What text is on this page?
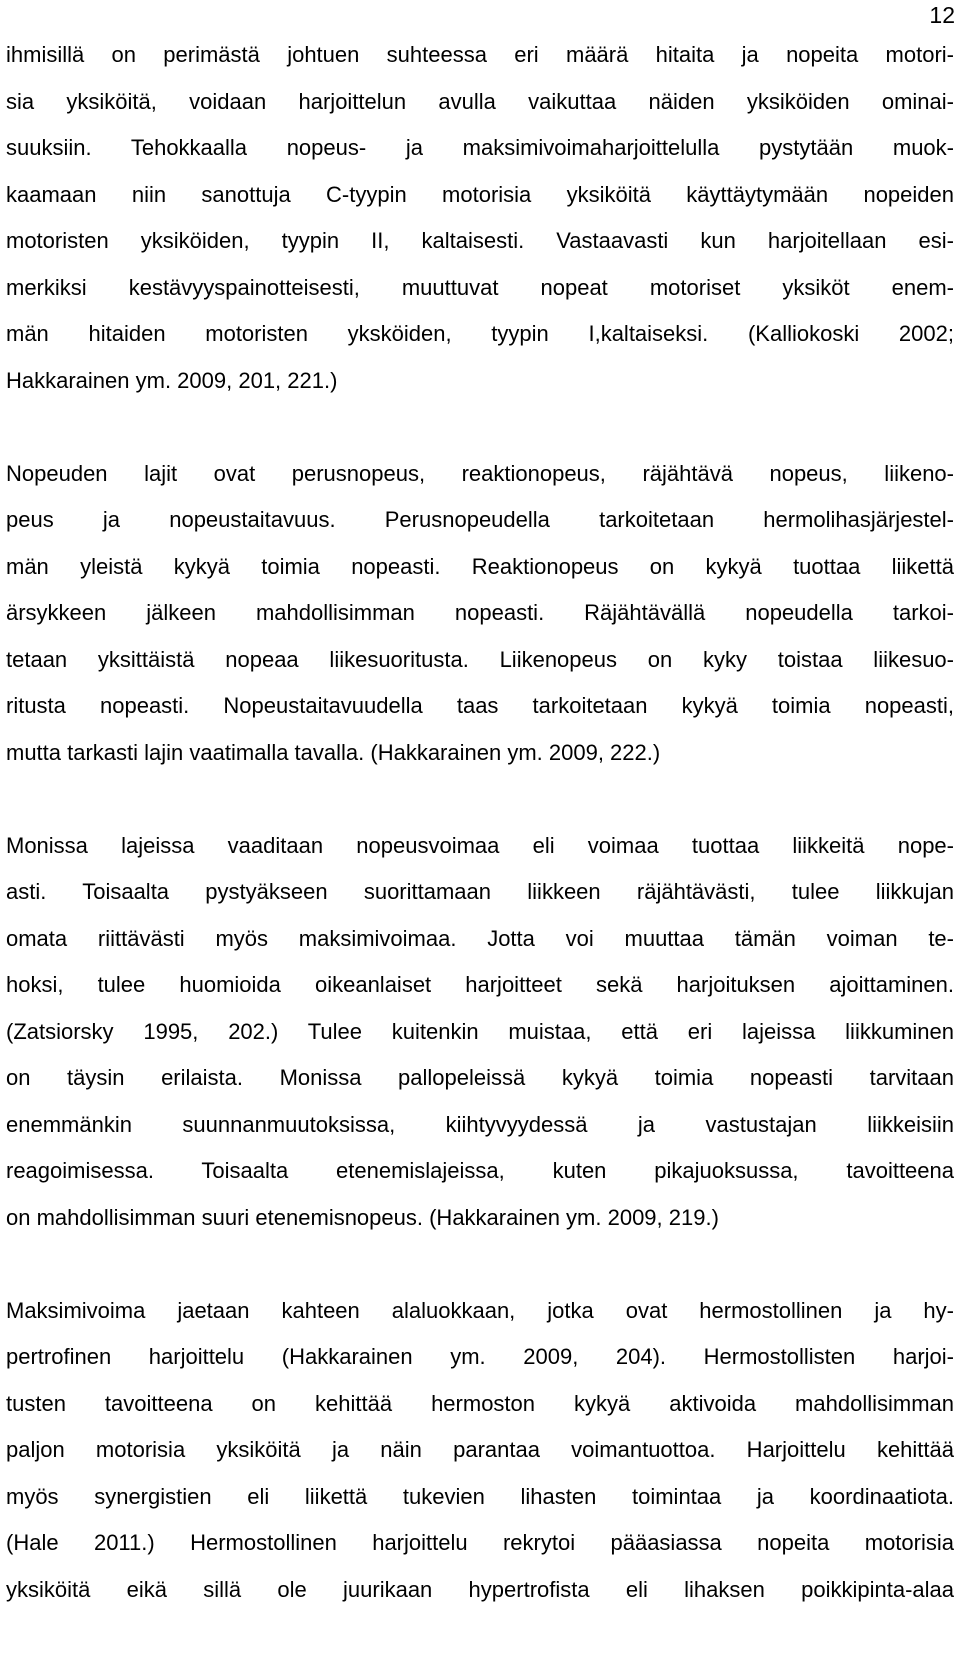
12
ihmisillä on perimästä johtuen suhteessa eri määrä hitaita ja nopeita motori-
sia yksiköitä, voidaan harjoittelun avulla vaikuttaa näiden yksiköiden ominai-
suuksiin. Tehokkaalla nopeus- ja maksimivoimaharjoittelulla pystytään muok-
kaamaan niin sanottuja C-tyypin motorisia yksiköitä käyttäytymään nopeiden
motoristen yksiköiden, tyypin II, kaltaisesti. Vastaavasti kun harjoitellaan esi-
merkiksi kestävyyspainotteisesti, muuttuvat nopeat motoriset yksiköt enem-
män hitaiden motoristen yksköiden, tyypin I,kaltaiseksi. (Kalliokoski 2002;
Hakkarainen ym. 2009, 201, 221.)
Nopeuden lajit ovat perusnopeus, reaktionopeus, räjähtävä nopeus, liikeno-
peus ja nopeustaitavuus. Perusnopeudella tarkoitetaan hermolihasjärjestel-
män yleistä kykyä toimia nopeasti. Reaktionopeus on kykyä tuottaa liikettä
ärsykkeen jälkeen mahdollisimman nopeasti. Räjähtävällä nopeudella tarkoi-
tetaan yksittäistä nopeaa liikesuoritusta. Liikenopeus on kyky toistaa liikesuo-
ritusta nopeasti. Nopeustaitavuudella taas tarkoitetaan kykyä toimia nopeasti,
mutta tarkasti lajin vaatimalla tavalla. (Hakkarainen ym. 2009, 222.)
Monissa lajeissa vaaditaan nopeusvoimaa eli voimaa tuottaa liikkeitä nope-
asti. Toisaalta pystyäkseen suorittamaan liikkeen räjähtävästi, tulee liikkujan
omata riittävästi myös maksimivoimaa. Jotta voi muuttaa tämän voiman te-
hoksi, tulee huomioida oikeanlaiset harjoitteet sekä harjoituksen ajoittaminen.
(Zatsiorsky 1995, 202.) Tulee kuitenkin muistaa, että eri lajeissa liikkuminen
on täysin erilaista. Monissa pallopeleissä kykyä toimia nopeasti tarvitaan
enemmänkin suunnanmuutoksissa, kiihtyvyydessä ja vastustajan liikkeisiin
reagoimisessa. Toisaalta etenemislajeissa, kuten pikajuoksussa, tavoitteena
on mahdollisimman suuri etenemisnopeus. (Hakkarainen ym. 2009, 219.)
Maksimivoima jaetaan kahteen alaluokkaan, jotka ovat hermostollinen ja hy-
pertrofinen harjoittelu (Hakkarainen ym. 2009, 204). Hermostollisten harjoi-
tusten tavoitteena on kehittää hermoston kykyä aktivoida mahdollisimman
paljon motorisia yksiköitä ja näin parantaa voimantuottoa. Harjoittelu kehittää
myös synergistien eli liikettä tukevien lihasten toimintaa ja koordinaatiota.
(Hale 2011.) Hermostollinen harjoittelu rekrytoi pääasiassa nopeita motorisia
yksiköitä eikä sillä ole juurikaan hypertrofista eli lihaksen poikkipinta-alaa
